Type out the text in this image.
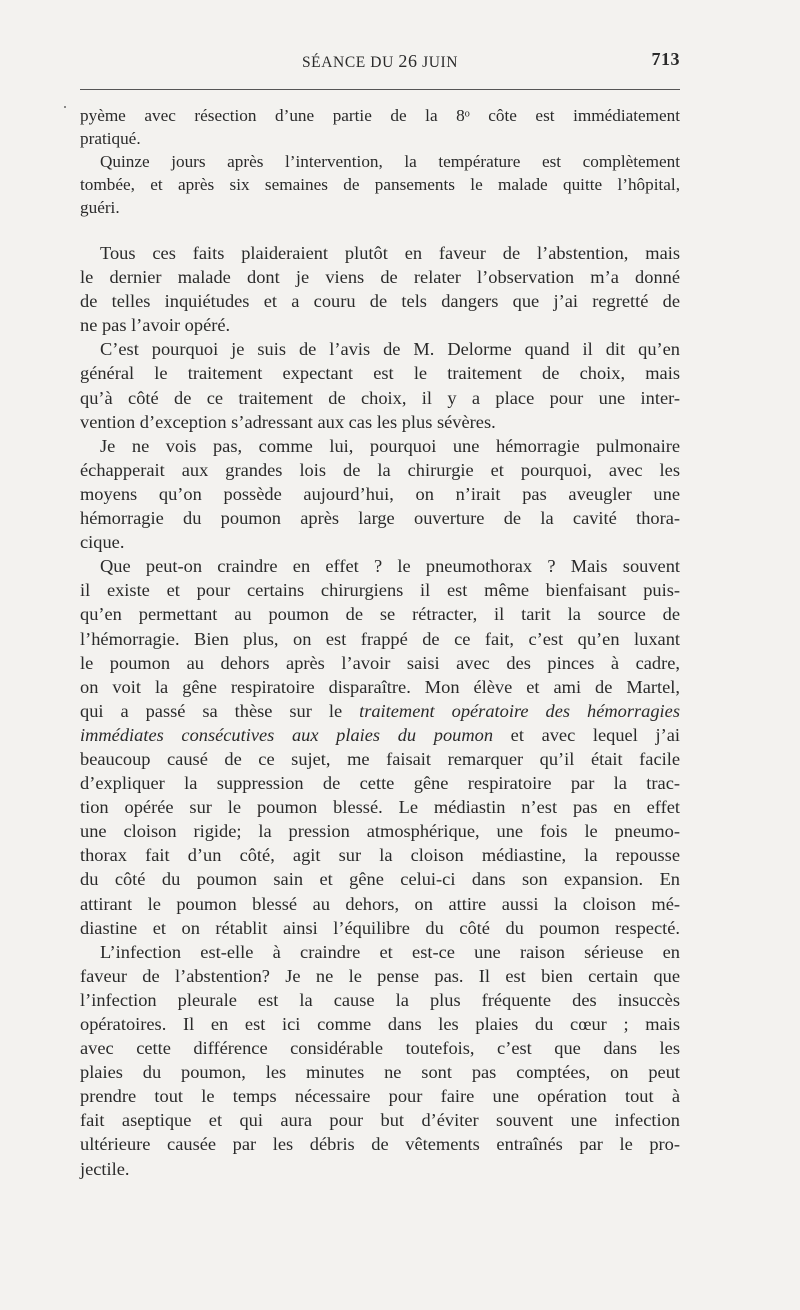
SÉANCE DU 26 JUIN	713
pyème avec résection d’une partie de la 8ᵒ côte est immédiatement
pratiqué.
Quinze jours après l’intervention, la température est complètement
tombée, et après six semaines de pansements le malade quitte l’hôpital,
guéri.
Tous ces faits plaideraient plutôt en faveur de l’abstention, mais
le dernier malade dont je viens de relater l’observation m’a donné
de telles inquiétudes et a couru de tels dangers que j’ai regretté de
ne pas l’avoir opéré.
C’est pourquoi je suis de l’avis de M. Delorme quand il dit qu’en
général le traitement expectant est le traitement de choix, mais
qu’à côté de ce traitement de choix, il y a place pour une inter-
vention d’exception s’adressant aux cas les plus sévères.
Je ne vois pas, comme lui, pourquoi une hémorragie pulmonaire
échapperait aux grandes lois de la chirurgie et pourquoi, avec les
moyens qu’on possède aujourd’hui, on n’irait pas aveugler une
hémorragie du poumon après large ouverture de la cavité thora-
cique.
Que peut-on craindre en effet ? le pneumothorax ? Mais souvent
il existe et pour certains chirurgiens il est même bienfaisant puis-
qu’en permettant au poumon de se rétracter, il tarit la source de
l’hémorragie. Bien plus, on est frappé de ce fait, c’est qu’en luxant
le poumon au dehors après l’avoir saisi avec des pinces à cadre,
on voit la gêne respiratoire disparaître. Mon élève et ami de Martel,
qui a passé sa thèse sur le traitement opératoire des hémorragies
immédiates consécutives aux plaies du poumon et avec lequel j’ai
beaucoup causé de ce sujet, me faisait remarquer qu’il était facile
d’expliquer la suppression de cette gêne respiratoire par la trac-
tion opérée sur le poumon blessé. Le médiastin n’est pas en effet
une cloison rigide; la pression atmosphérique, une fois le pneumo-
thorax fait d’un côté, agit sur la cloison médiastine, la repousse
du côté du poumon sain et gêne celui-ci dans son expansion. En
attirant le poumon blessé au dehors, on attire aussi la cloison mé-
diastine et on rétablit ainsi l’équilibre du côté du poumon respecté.
L’infection est-elle à craindre et est-ce une raison sérieuse en
faveur de l’abstention? Je ne le pense pas. Il est bien certain que
l’infection pleurale est la cause la plus fréquente des insuccès
opératoires. Il en est ici comme dans les plaies du cœur ; mais
avec cette différence considérable toutefois, c’est que dans les
plaies du poumon, les minutes ne sont pas comptées, on peut
prendre tout le temps nécessaire pour faire une opération tout à
fait aseptique et qui aura pour but d’éviter souvent une infection
ultérieure causée par les débris de vêtements entraînés par le pro-
jectile.
